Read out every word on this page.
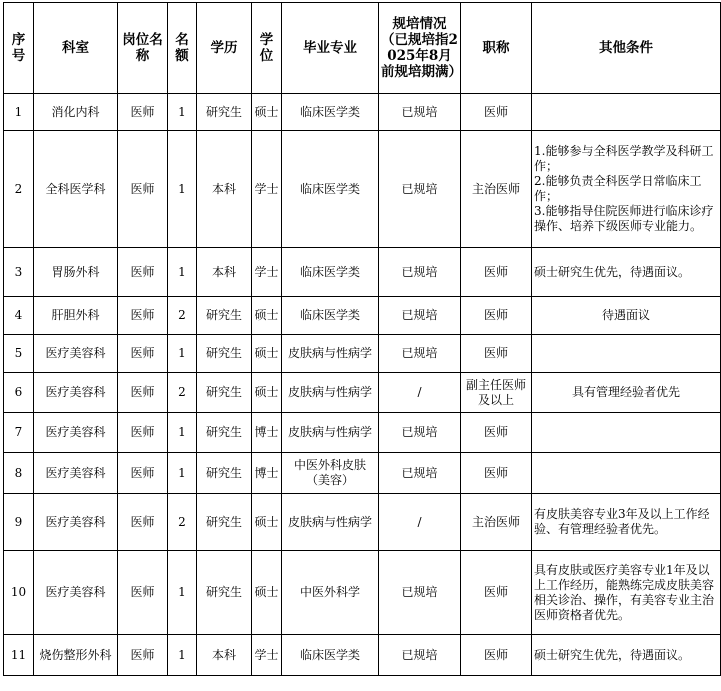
序号	科室	岗位名称	名额	学历	学位	毕业专业	规培情况（已规培指2025年8月前规培期满）	职称	其他条件
1	消化内科	医师	1	研究生	硕士	临床医学类	已规培	医师	
2	全科医学科	医师	1	本科	学士	临床医学类	已规培	主治医师	1.能够参与全科医学教学及科研工作；
2.能够负责全科医学日常临床工作；
3.能够指导住院医师进行临床诊疗操作、培养下级医师专业能力。

3	胃肠外科	医师	1	本科	学士	临床医学类	已规培	医师	硕士研究生优先，待遇面议。

4	肝胆外科	医师	2	研究生	硕士	临床医学类	已规培	医师	待遇面议

5	医疗美容科	医师	1	研究生	硕士	皮肤病与性病学	已规培	医师	
6	医疗美容科	医师	2	研究生	硕士	皮肤病与性病学	/	副主任医师及以上	具有管理经验者优先

7	医疗美容科	医师	1	研究生	博士	皮肤病与性病学	已规培	医师	
8	医疗美容科	医师	1	研究生	博士	中医外科皮肤（美容）	已规培	医师	
9	医疗美容科	医师	2	研究生	硕士	皮肤病与性病学	/	主治医师	有皮肤美容专业3年及以上工作经验、有管理经验者优先。

10	医疗美容科	医师	1	研究生	硕士	中医外科学	已规培	医师	具有皮肤或医疗美容专业1年及以上工作经历，能熟练完成皮肤美容相关诊治、操作，有美容专业主治医师资格者优先。

11	烧伤整形外科	医师	1	本科	学士	临床医学类	已规培	医师	硕士研究生优先，待遇面议。
